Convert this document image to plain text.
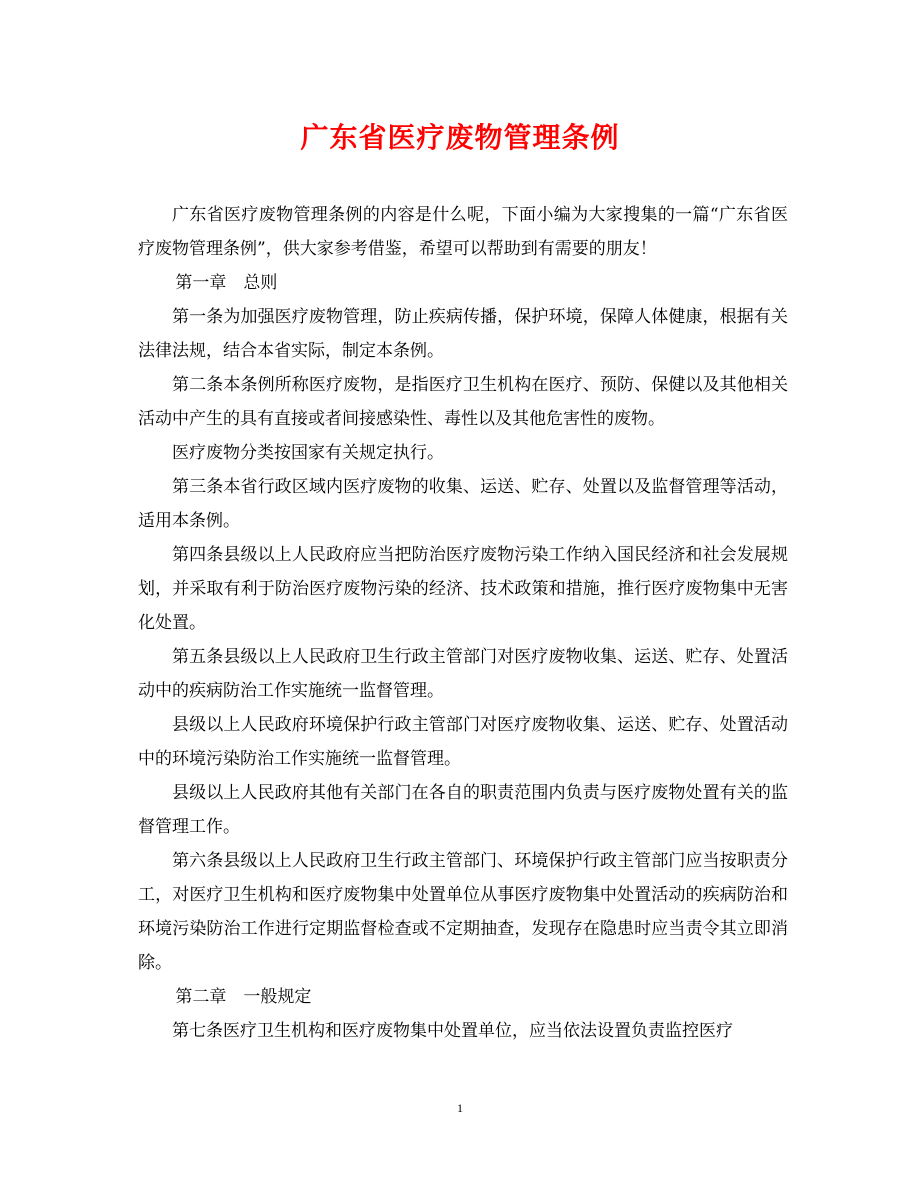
广东省医疗废物管理条例

广东省医疗废物管理条例的内容是什么呢，下面小编为大家搜集的一篇“广东省医疗废物管理条例”，供大家参考借鉴，希望可以帮助到有需要的朋友！

第一章　总则

第一条为加强医疗废物管理，防止疾病传播，保护环境，保障人体健康，根据有关法律法规，结合本省实际，制定本条例。

第二条本条例所称医疗废物，是指医疗卫生机构在医疗、预防、保健以及其他相关活动中产生的具有直接或者间接感染性、毒性以及其他危害性的废物。

医疗废物分类按国家有关规定执行。

第三条本省行政区域内医疗废物的收集、运送、贮存、处置以及监督管理等活动，适用本条例。

第四条县级以上人民政府应当把防治医疗废物污染工作纳入国民经济和社会发展规划，并采取有利于防治医疗废物污染的经济、技术政策和措施，推行医疗废物集中无害化处置。

第五条县级以上人民政府卫生行政主管部门对医疗废物收集、运送、贮存、处置活动中的疾病防治工作实施统一监督管理。

县级以上人民政府环境保护行政主管部门对医疗废物收集、运送、贮存、处置活动中的环境污染防治工作实施统一监督管理。

县级以上人民政府其他有关部门在各自的职责范围内负责与医疗废物处置有关的监督管理工作。

第六条县级以上人民政府卫生行政主管部门、环境保护行政主管部门应当按职责分工，对医疗卫生机构和医疗废物集中处置单位从事医疗废物集中处置活动的疾病防治和环境污染防治工作进行定期监督检查或不定期抽查，发现存在隐患时应当责令其立即消除。

第二章　一般规定

第七条医疗卫生机构和医疗废物集中处置单位，应当依法设置负责监控医疗

1
